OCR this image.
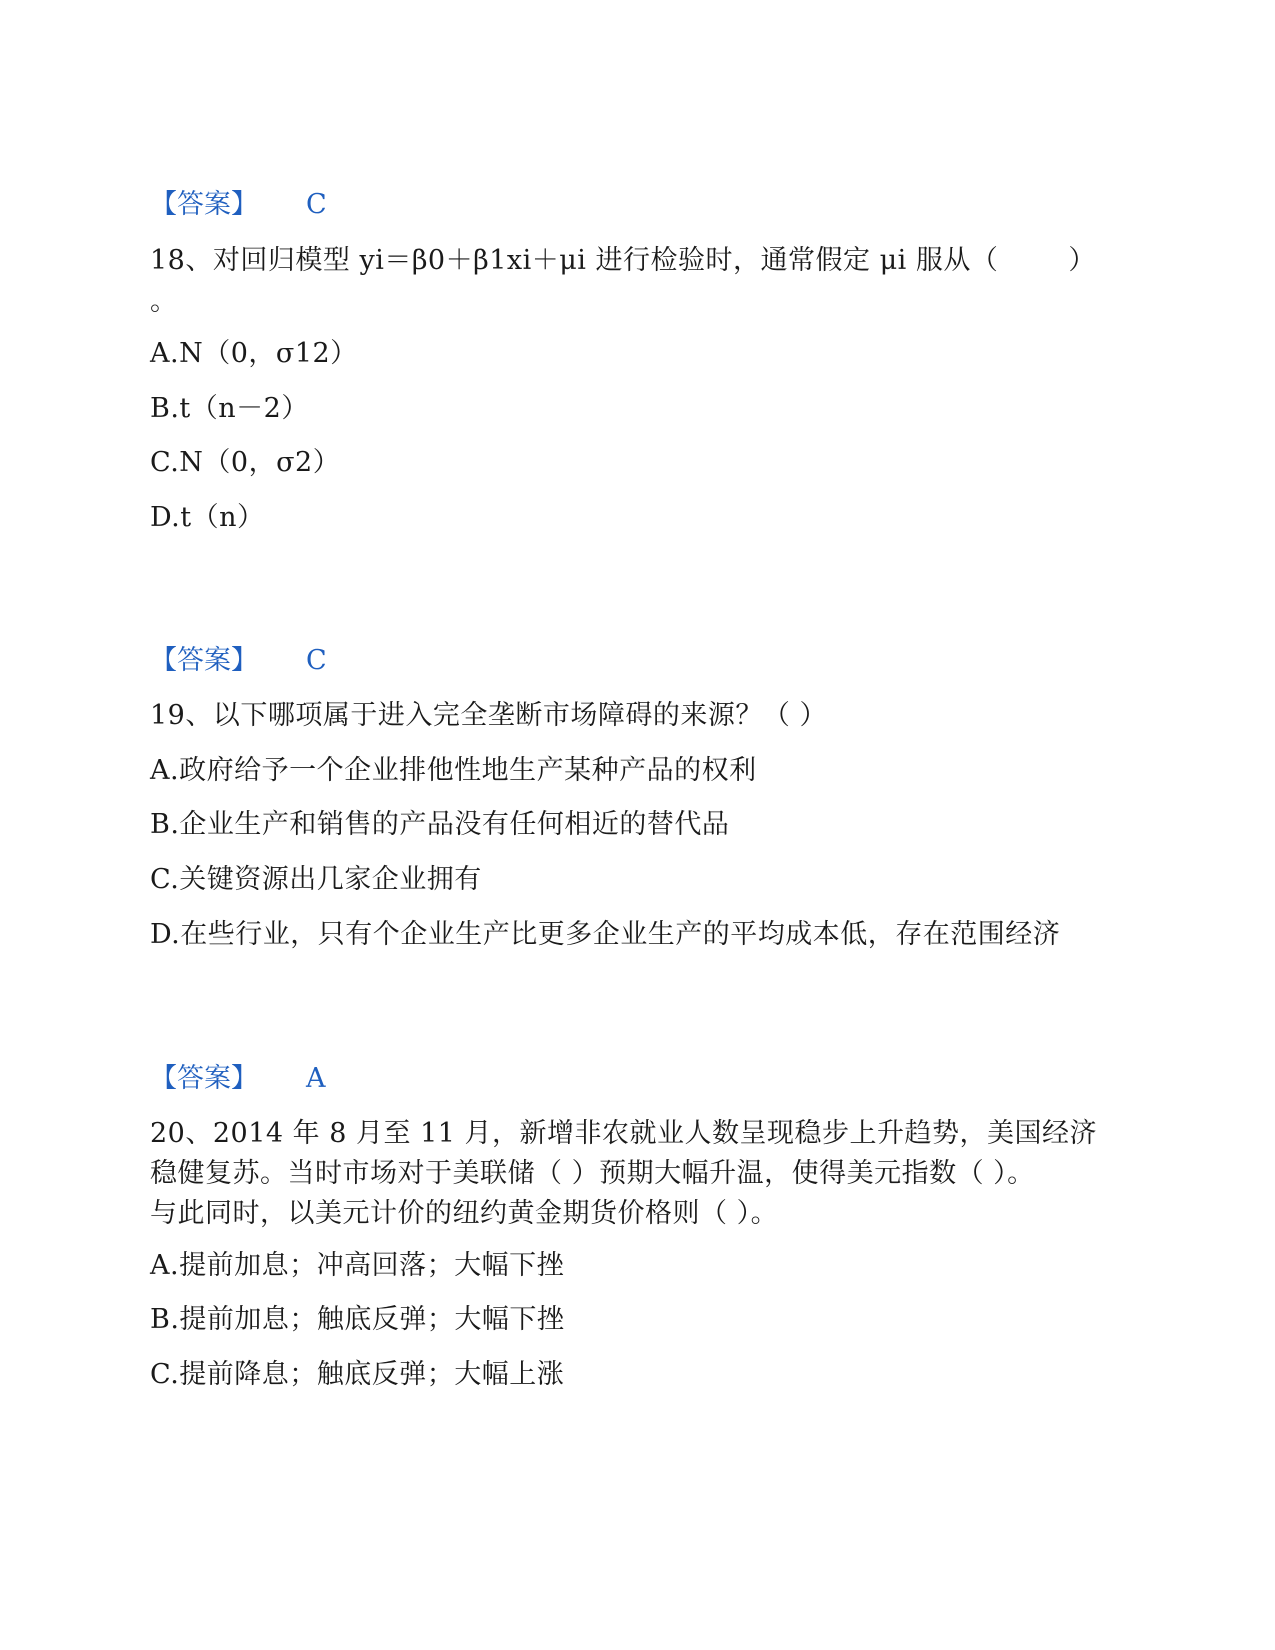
【答案】 C
18、对回归模型 yi＝β0＋β1xi＋μi 进行检验时，通常假定 μi 服从（	）
。
A.N（0，σ12）
B.t（n－2）
C.N（0，σ2）
D.t（n）
【答案】 C
19、以下哪项属于进入完全垄断市场障碍的来源？（ ）
A.政府给予一个企业排他性地生产某种产品的权利
B.企业生产和销售的产品没有任何相近的替代品
C.关键资源出几家企业拥有
D.在些行业，只有个企业生产比更多企业生产的平均成本低，存在范围经济
【答案】 A
20、2014 年 8 月至 11 月，新增非农就业人数呈现稳步上升趋势，美国经济
稳健复苏。当时市场对于美联储（ ）预期大幅升温，使得美元指数（ ）。
与此同时，以美元计价的纽约黄金期货价格则（ ）。
A.提前加息；冲高回落；大幅下挫
B.提前加息；触底反弹；大幅下挫
C.提前降息；触底反弹；大幅上涨
